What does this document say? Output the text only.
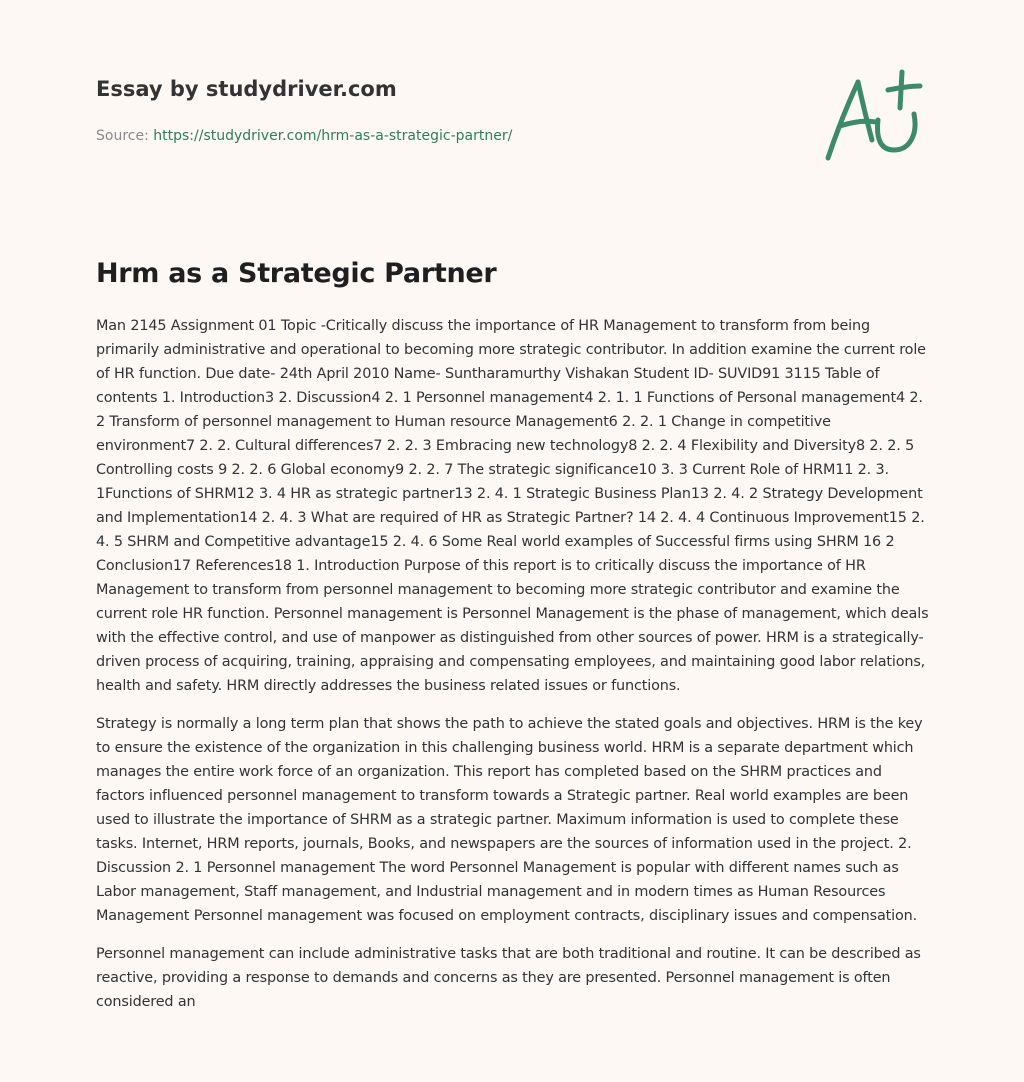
Essay by studydriver.com
Source: https://studydriver.com/hrm-as-a-strategic-partner/
Hrm as a Strategic Partner

Man 2145 Assignment 01 Topic -Critically discuss the importance of HR Management to transform from being primarily administrative and operational to becoming more strategic contributor. In addition examine the current role of HR function. Due date- 24th April 2010 Name- Suntharamurthy Vishakan Student ID- SUVID91 3115 Table of contents 1. Introduction3 2. Discussion4 2. 1 Personnel management4 2. 1. 1 Functions of Personal management4 2. 2 Transform of personnel management to Human resource Management6 2. 2. 1 Change in competitive environment7 2. 2. Cultural differences7 2. 2. 3 Embracing new technology8 2. 2. 4 Flexibility and Diversity8 2. 2. 5 Controlling costs 9 2. 2. 6 Global economy9 2. 2. 7 The strategic significance10 3. 3 Current Role of HRM11 2. 3. 1Functions of SHRM12 3. 4 HR as strategic partner13 2. 4. 1 Strategic Business Plan13 2. 4. 2 Strategy Development and Implementation14 2. 4. 3 What are required of HR as Strategic Partner? 14 2. 4. 4 Continuous Improvement15 2. 4. 5 SHRM and Competitive advantage15 2. 4. 6 Some Real world examples of Successful firms using SHRM 16 2 Conclusion17 References18 1. Introduction Purpose of this report is to critically discuss the importance of HR Management to transform from personnel management to becoming more strategic contributor and examine the current role HR function. Personnel management is Personnel Management is the phase of management, which deals with the effective control, and use of manpower as distinguished from other sources of power. HRM is a strategically-driven process of acquiring, training, appraising and compensating employees, and maintaining good labor relations, health and safety. HRM directly addresses the business related issues or functions.

Strategy is normally a long term plan that shows the path to achieve the stated goals and objectives. HRM is the key to ensure the existence of the organization in this challenging business world. HRM is a separate department which manages the entire work force of an organization. This report has completed based on the SHRM practices and factors influenced personnel management to transform towards a Strategic partner. Real world examples are been used to illustrate the importance of SHRM as a strategic partner. Maximum information is used to complete these tasks. Internet, HRM reports, journals, Books, and newspapers are the sources of information used in the project. 2. Discussion 2. 1 Personnel management The word Personnel Management is popular with different names such as Labor management, Staff management, and Industrial management and in modern times as Human Resources Management Personnel management was focused on employment contracts, disciplinary issues and compensation.

Personnel management can include administrative tasks that are both traditional and routine. It can be described as reactive, providing a response to demands and concerns as they are presented. Personnel management is often considered an
